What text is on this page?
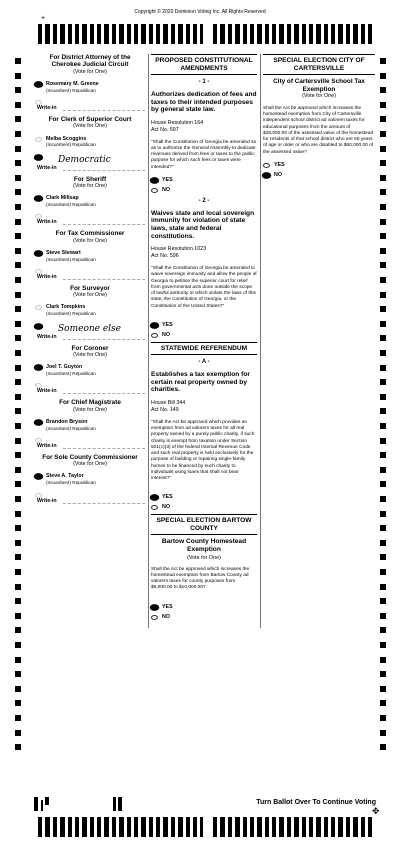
Copyright © 2020 Dominion Voting Inc. All Rights Reserved
+
For District Attorney of the Cherokee Judicial Circuit
(Vote for One)
Rosemary M. Greene
(Incumbent) Republican
Write-in
For Clerk of Superior Court
(Vote for One)
Melba Scoggins
(Incumbent) Republican
Democratic
Write-in
For Sheriff
(Vote for One)
Clark Millsap
(Incumbent) Republican
Write-in
For Tax Commissioner
(Vote for One)
Steve Stewart
(Incumbent) Republican
Write-in
For Surveyor
(Vote for One)
Clark Tompkins
(Incumbent) Republican
Someone else
Write-in
For Coroner
(Vote for One)
Joel T. Guyton
(Incumbent) Republican
Write-in
For Chief Magistrate
(Vote for One)
Brandon Bryson
(Incumbent) Republican
Write-in
For Sole County Commissioner
(Vote for One)
Steve A. Taylor
(Incumbent) Republican
Write-in
PROPOSED CONSTITUTIONAL AMENDMENTS
- 1 -
Authorizes dedication of fees and taxes to their intended purposes by general state law.
House Resolution 164
Act No. 597
"Shall the Constitution of Georgia be amended so as to authorize the General Assembly to dedicate revenues derived from fees or taxes to the public purpose for which such fees or taxes were intended?"
YES
NO
- 2 -
Waives state and local sovereign immunity for violation of state laws, state and federal constitutions.
House Resolution 1023
Act No. 596
"Shall the Constitution of Georgia be amended to waive sovereign immunity and allow the people of Georgia to petition the superior court for relief from governmental acts done outside the scope of lawful authority or which violate the laws of this state, the Constitution of Georgia, or the Constitution of the United States?"
YES
NO
STATEWIDE REFERENDUM
- A -
Establishes a tax exemption for certain real property owned by charities.
House Bill 344
Act No. 149
"Shall the Act be approved which provides an exemption from ad valorem taxes for all real property owned by a purely public charity, if such charity is exempt from taxation under Section 501(c)(3) of the federal Internal Revenue Code and such real property is held exclusively for the purpose of building or repairing single-family homes to be financed by such charity to individuals using loans that shall not bear interest?"
YES
NO
SPECIAL ELECTION BARTOW COUNTY
Bartow County Homestead Exemption
(Vote for One)
Shall the Act be approved which increases the homestead exemption from Bartow County ad valorem taxes for county purposes from $5,000.00 to $10,000.00?
YES
NO
SPECIAL ELECTION CITY OF CARTERSVILLE
City of Cartersville School Tax Exemption
(Vote for One)
Shall the Act be approved which increases the homestead exemption from City of Cartersville independent school district ad valorem taxes for educational purposes from the amount of $28,000.00 of the assessed value of the homestead for residents of that school district who are 65 years of age or older or who are disabled to $60,000.00 of the assessed value?
YES
NO
Turn Ballot Over To Continue Voting
✥
